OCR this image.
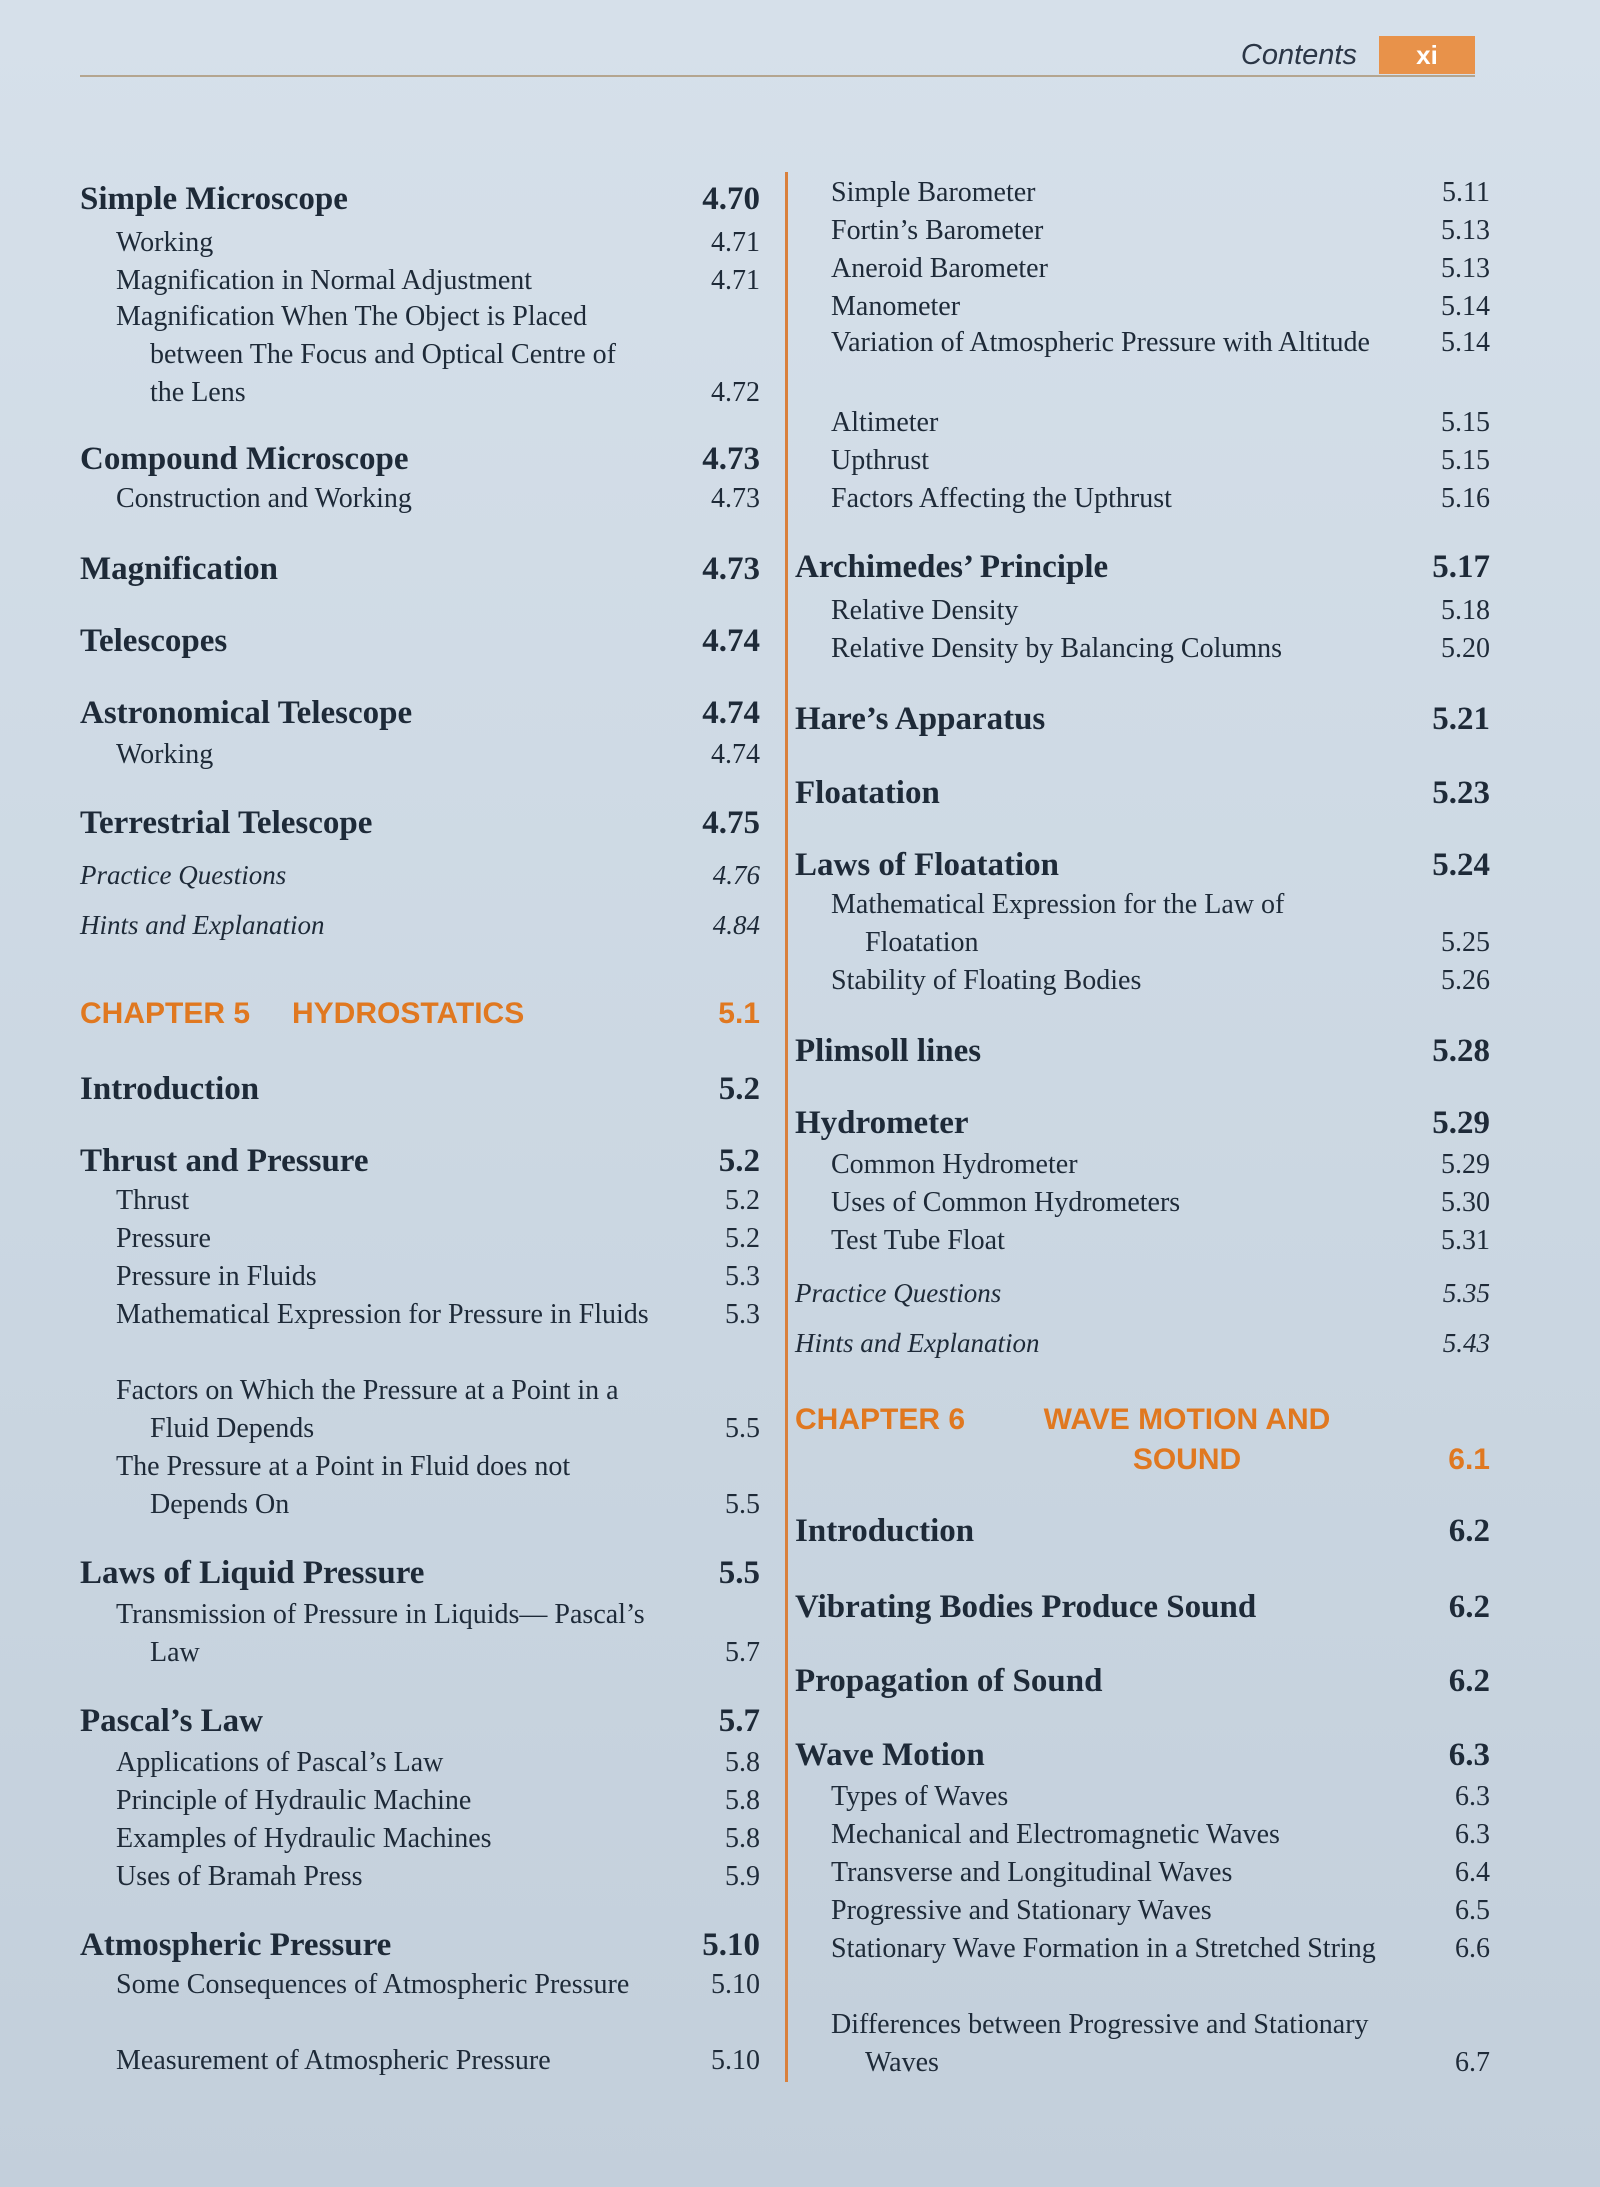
Contents	xi
Simple Microscope	4.70
Working	4.71
Magnification in Normal Adjustment	4.71
Magnification When The Object is Placed between The Focus and Optical Centre of the Lens	4.72
Compound Microscope	4.73
Construction and Working	4.73
Magnification	4.73
Telescopes	4.74
Astronomical Telescope	4.74
Working	4.74
Terrestrial Telescope	4.75
Practice Questions	4.76
Hints and Explanation	4.84
CHAPTER 5 HYDROSTATICS	5.1
Introduction	5.2
Thrust and Pressure	5.2
Thrust	5.2
Pressure	5.2
Pressure in Fluids	5.3
Mathematical Expression for Pressure in Fluids	5.3
Factors on Which the Pressure at a Point in a Fluid Depends	5.5
The Pressure at a Point in Fluid does not Depends On	5.5
Laws of Liquid Pressure	5.5
Transmission of Pressure in Liquids— Pascal’s Law	5.7
Pascal’s Law	5.7
Applications of Pascal’s Law	5.8
Principle of Hydraulic Machine	5.8
Examples of Hydraulic Machines	5.8
Uses of Bramah Press	5.9
Atmospheric Pressure	5.10
Some Consequences of Atmospheric Pressure	5.10
Measurement of Atmospheric Pressure	5.10
Simple Barometer	5.11
Fortin’s Barometer	5.13
Aneroid Barometer	5.13
Manometer	5.14
Variation of Atmospheric Pressure with Altitude	5.14
Altimeter	5.15
Upthrust	5.15
Factors Affecting the Upthrust	5.16
Archimedes’ Principle	5.17
Relative Density	5.18
Relative Density by Balancing Columns	5.20
Hare’s Apparatus	5.21
Floatation	5.23
Laws of Floatation	5.24
Mathematical Expression for the Law of Floatation	5.25
Stability of Floating Bodies	5.26
Plimsoll lines	5.28
Hydrometer	5.29
Common Hydrometer	5.29
Uses of Common Hydrometers	5.30
Test Tube Float	5.31
Practice Questions	5.35
Hints and Explanation	5.43
CHAPTER 6	WAVE MOTION AND SOUND	6.1
Introduction	6.2
Vibrating Bodies Produce Sound	6.2
Propagation of Sound	6.2
Wave Motion	6.3
Types of Waves	6.3
Mechanical and Electromagnetic Waves	6.3
Transverse and Longitudinal Waves	6.4
Progressive and Stationary Waves	6.5
Stationary Wave Formation in a Stretched String	6.6
Differences between Progressive and Stationary Waves	6.7
